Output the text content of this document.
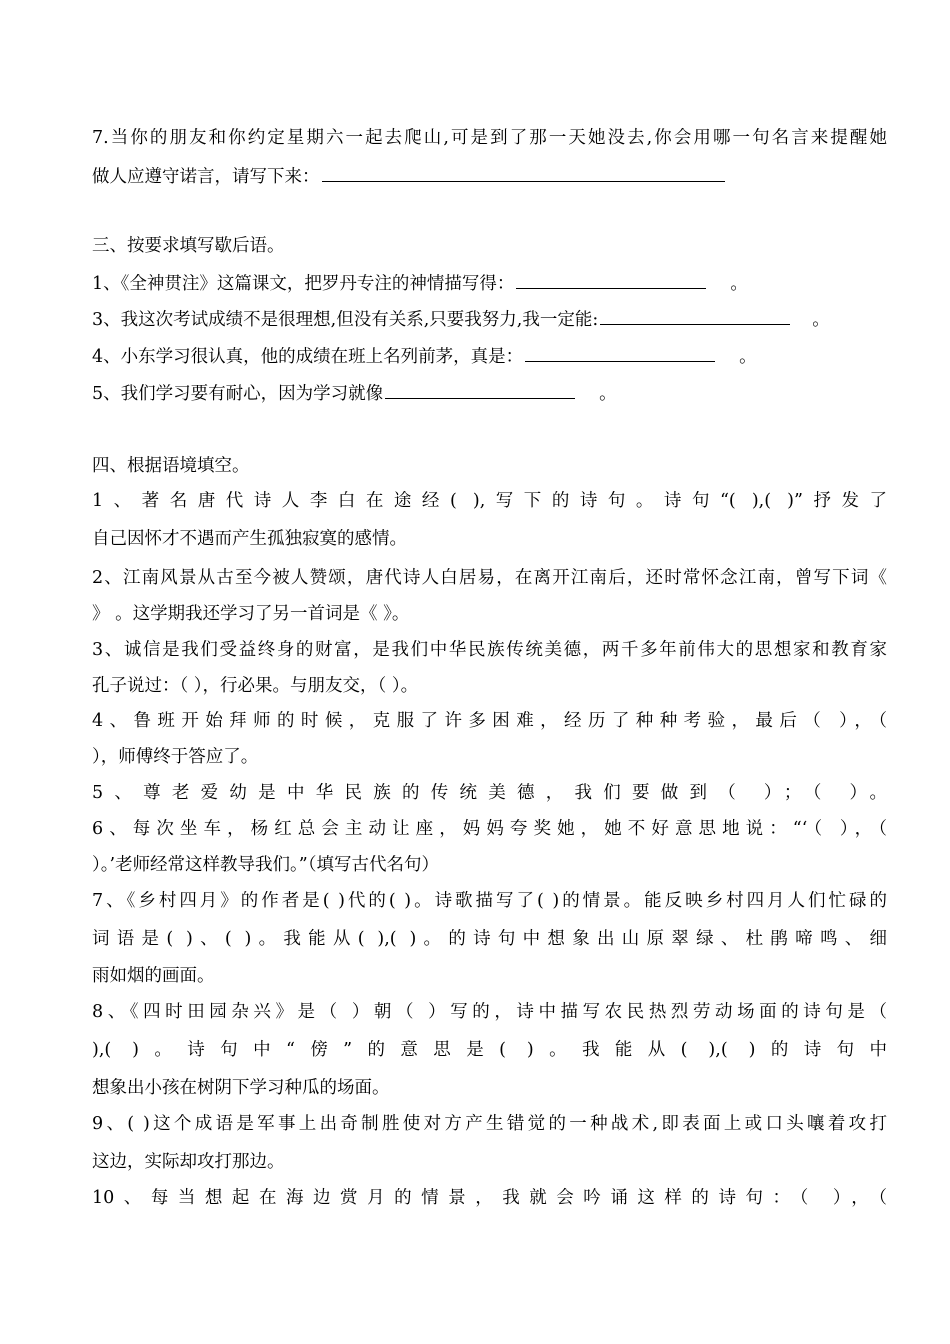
7.当你的朋友和你约定星期六一起去爬山,可是到了那一天她没去,你会用哪一句名言来提醒她
做人应遵守诺言，请写下来：
三、按要求填写歇后语。
1、《全神贯注》这篇课文，把罗丹专注的神情描写得：	。
3、我这次考试成绩不是很理想,但没有关系,只要我努力,我一定能:	。
4、小东学习很认真，他的成绩在班上名列前茅，真是：	。
5、我们学习要有耐心，因为学习就像	。
四、根据语境填空。
1、著名唐代诗人李白在途经( ),写下的诗句。诗句“( ),( )”抒发了
自己因怀才不遇而产生孤独寂寞的感情。
2、江南风景从古至今被人赞颂，唐代诗人白居易，在离开江南后，还时常怀念江南，曾写下词《
》 。这学期我还学习了另一首词是《 》。
3、诚信是我们受益终身的财富，是我们中华民族传统美德，两千多年前伟大的思想家和教育家
孔子说过：（ ），行必果。与朋友交，（ ）。
4、鲁班开始拜师的时候，克服了许多困难，经历了种种考验，最后（ ），（
），师傅终于答应了。
5、尊老爱幼是中华民族的传统美德，我们要做到（ ）；（ ）。
6、每次坐车，杨红总会主动让座，妈妈夸奖她，她不好意思地说：“‘（ ），（
）。’老师经常这样教导我们。”（填写古代名句）
7、《乡村四月》的作者是( )代的( )。诗歌描写了( )的情景。能反映乡村四月人们忙碌的
词语是( )、( )。我能从( ),( )。的诗句中想象出山原翠绿、杜鹃啼鸣、细
雨如烟的画面。
8、《四时田园杂兴》是（ ）朝（ ）写的，诗中描写农民热烈劳动场面的诗句是（
),( )。诗句中“傍”的意思是( )。我能从( ),( )的诗句中
想象出小孩在树阴下学习种瓜的场面。
9、( )这个成语是军事上出奇制胜使对方产生错觉的一种战术,即表面上或口头嚷着攻打
这边，实际却攻打那边。
10、每当想起在海边赏月的情景，我就会吟诵这样的诗句：（ ），（
